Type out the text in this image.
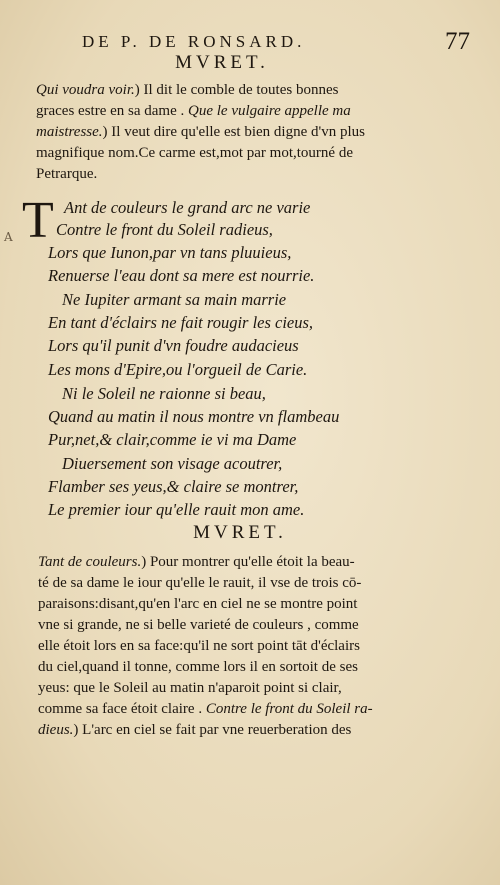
DE P. DE RONSARD.	77
MVRET.
Qui voudra voir.) Il dit le comble de toutes bonnes
graces estre en sa dame . Que le vulgaire appelle ma
maistresse.) Il veut dire qu'elle est bien digne d'vn plus
magnifique nom.Ce carme est,mot par mot,tourné de
Petrarque.
A T Ant de couleurs le grand arc ne varie
Contre le front du Soleil radieus,
Lors que Iunon,par vn tans pluuieus,
Renuerse l'eau dont sa mere est nourrie.
Ne Iupiter armant sa main marrie
En tant d'éclairs ne fait rougir les cieus,
Lors qu'il punit d'vn foudre audacieus
Les mons d'Epire,ou l'orgueil de Carie.
Ni le Soleil ne raionne si beau,
Quand au matin il nous montre vn flambeau
Pur,net,& clair,comme ie vi ma Dame
Diuersement son visage acoutrer,
Flamber ses yeus,& claire se montrer,
Le premier iour qu'elle rauit mon ame.
MVRET.
Tant de couleurs.) Pour montrer qu'elle étoit la beau-
té de sa dame le iour qu'elle le rauit, il vse de trois cō-
paraisons:disant,qu'en l'arc en ciel ne se montre point
vne si grande, ne si belle varieté de couleurs , comme
elle étoit lors en sa face:qu'il ne sort point tāt d'éclairs
du ciel,quand il tonne, comme lors il en sortoit de ses
yeus: que le Soleil au matin n'aparoit point si clair,
comme sa face étoit claire . Contre le front du Soleil ra-
dieus.) L'arc en ciel se fait par vne reuerberation des
